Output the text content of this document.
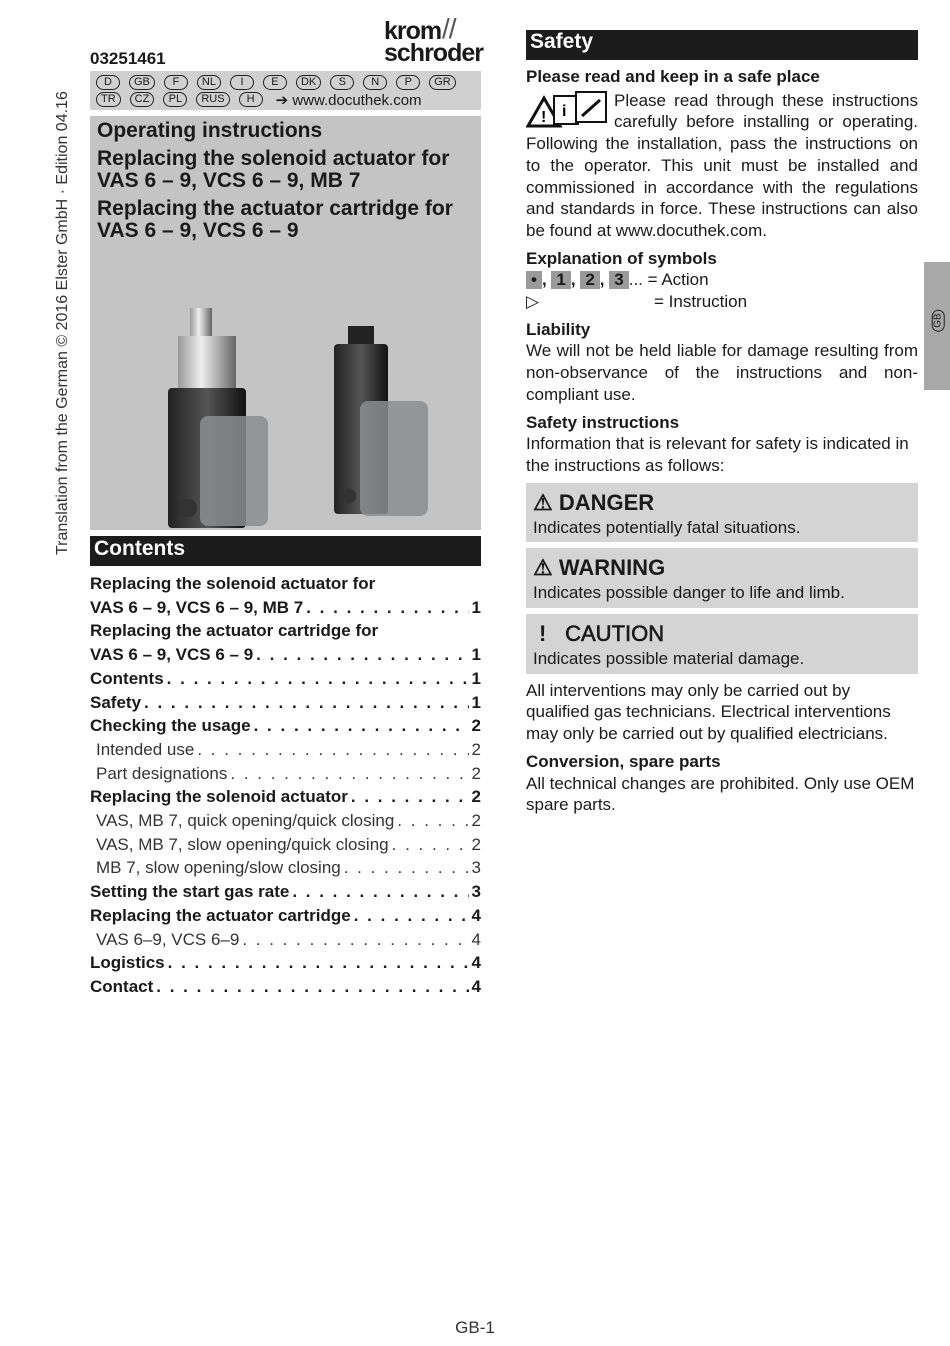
Translation from the German © 2016 Elster GmbH · Edition 04.16
03251461
krom
schroder
//
D	GB	F	NL	I	E	DK	S	N	P	GR
TR	CZ	PL	RUS	H	➔ www.docuthek.com
Operating instructions
Replacing the solenoid actuator for VAS 6 – 9, VCS 6 – 9, MB 7
Replacing the actuator cartridge for VAS 6 – 9, VCS 6 – 9
Contents
Replacing the solenoid actuator for
VAS 6 – 9, VCS 6 – 9, MB 7 . . .	1
Replacing the actuator cartridge for
VAS 6 – 9, VCS 6 – 9 . . .	1
Contents . . .	1
Safety . . .	1
Checking the usage . . .	2
Intended use . . .	2
Part designations . . .	2
Replacing the solenoid actuator . . .	2
VAS, MB 7, quick opening/quick closing . . .	2
VAS, MB 7, slow opening/quick closing . . .	2
MB 7, slow opening/slow closing . . .	3
Setting the start gas rate . . .	3
Replacing the actuator cartridge . . .	4
VAS 6–9, VCS 6–9 . . .	4
Logistics . . .	4
Contact . . .	4
Safety
Please read and keep in a safe place
! i
Please read through these instructions carefully before installing or operating. Following the installation, pass the instructions on to the operator. This unit must be installed and commissioned in accordance with the regulations and standards in force. These instructions can also be found at www.docuthek.com.
Explanation of symbols
• , 1 , 2 , 3 ... = Action
▷	= Instruction
Liability
We will not be held liable for damage resulting from non-observance of the instructions and non-compliant use.
Safety instructions
Information that is relevant for safety is indicated in the instructions as follows:
⚠ DANGER
Indicates potentially fatal situations.
⚠ WARNING
Indicates possible danger to life and limb.
! CAUTION
Indicates possible material damage.
All interventions may only be carried out by qualified gas technicians. Electrical interventions may only be carried out by qualified electricians.
Conversion, spare parts
All technical changes are prohibited. Only use OEM spare parts.
GB
GB-1
